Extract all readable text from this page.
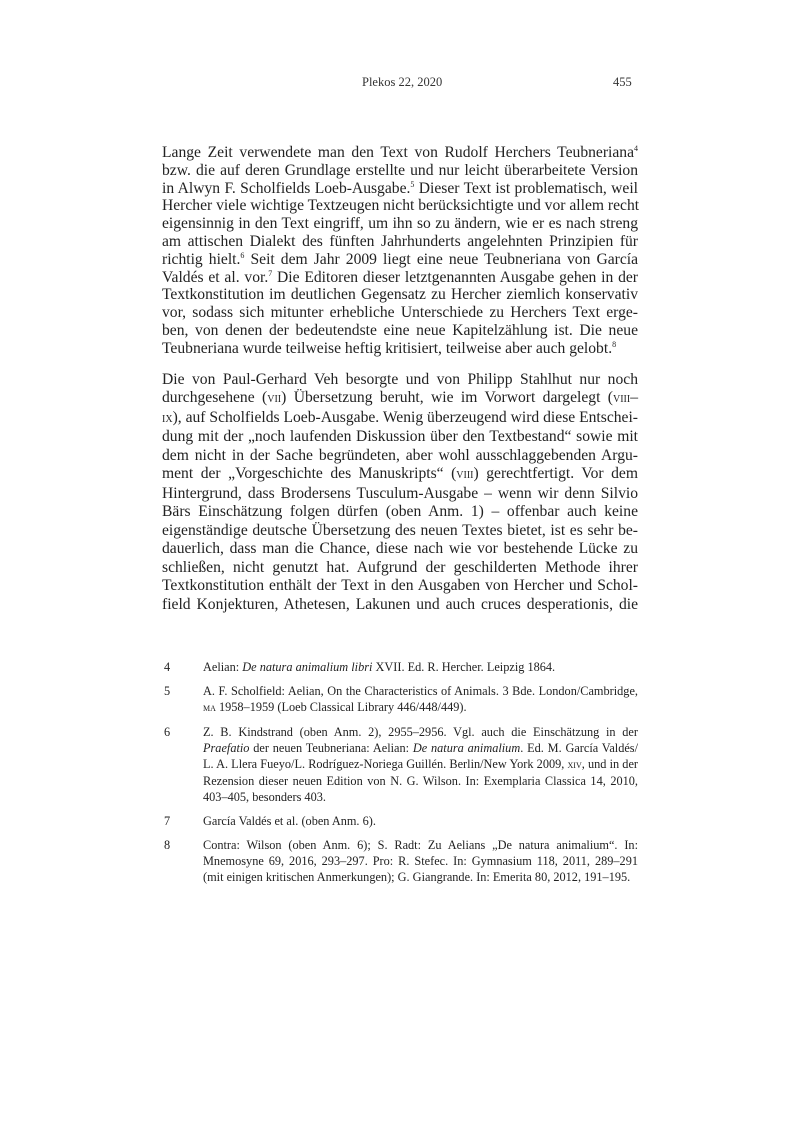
Plekos 22, 2020	455
Lange Zeit verwendete man den Text von Rudolf Herchers Teubneriana$^4$
bzw. die auf deren Grundlage erstellte und nur leicht überarbeitete Version
in Alwyn F. Scholfields Loeb-Ausgabe.$^5$ Dieser Text ist problematisch, weil
Hercher viele wichtige Textzeugen nicht berücksichtigte und vor allem recht
eigensinnig in den Text eingriff, um ihn so zu ändern, wie er es nach streng
am attischen Dialekt des fünften Jahrhunderts angelehnten Prinzipien für
richtig hielt.$^6$ Seit dem Jahr 2009 liegt eine neue Teubneriana von García
Valdés et al. vor.$^7$ Die Editoren dieser letztgenannten Ausgabe gehen in der
Textkonstitution im deutlichen Gegensatz zu Hercher ziemlich konservativ
vor, sodass sich mitunter erhebliche Unterschiede zu Herchers Text erge-
ben, von denen der bedeutendste eine neue Kapitelzählung ist. Die neue
Teubneriana wurde teilweise heftig kritisiert, teilweise aber auch gelobt.$^8$
Die von Paul-Gerhard Veh besorgte und von Philipp Stahlhut nur noch
durchgesehene (vii) Übersetzung beruht, wie im Vorwort dargelegt (viii–
ix), auf Scholfields Loeb-Ausgabe. Wenig überzeugend wird diese Entschei-
dung mit der „noch laufenden Diskussion über den Textbestand“ sowie mit
dem nicht in der Sache begründeten, aber wohl ausschlaggebenden Argu-
ment der „Vorgeschichte des Manuskripts“ (viii) gerechtfertigt. Vor dem
Hintergrund, dass Brodersens Tusculum-Ausgabe – wenn wir denn Silvio
Bärs Einschätzung folgen dürfen (oben Anm. 1) – offenbar auch keine
eigenständige deutsche Übersetzung des neuen Textes bietet, ist es sehr be-
dauerlich, dass man die Chance, diese nach wie vor bestehende Lücke zu
schließen, nicht genutzt hat. Aufgrund der geschilderten Methode ihrer
Textkonstitution enthält der Text in den Ausgaben von Hercher und Schol-
field Konjekturen, Athetesen, Lakunen und auch cruces desperationis, die
4	Aelian: De natura animalium libri XVII. Ed. R. Hercher. Leipzig 1864.
5	A. F. Scholfield: Aelian, On the Characteristics of Animals. 3 Bde. London/Cambridge, ma 1958–1959 (Loeb Classical Library 446/448/449).
6	Z. B. Kindstrand (oben Anm. 2), 2955–2956. Vgl. auch die Einschätzung in der Praefatio der neuen Teubneriana: Aelian: De natura animalium. Ed. M. García Valdés/ L. A. Llera Fueyo/L. Rodríguez-Noriega Guillén. Berlin/New York 2009, xiv, und in der Rezension dieser neuen Edition von N. G. Wilson. In: Exemplaria Classica 14, 2010, 403–405, besonders 403.
7	García Valdés et al. (oben Anm. 6).
8	Contra: Wilson (oben Anm. 6); S. Radt: Zu Aelians „De natura animalium“. In: Mnemosyne 69, 2016, 293–297. Pro: R. Stefec. In: Gymnasium 118, 2011, 289–291 (mit einigen kritischen Anmerkungen); G. Giangrande. In: Emerita 80, 2012, 191–195.
